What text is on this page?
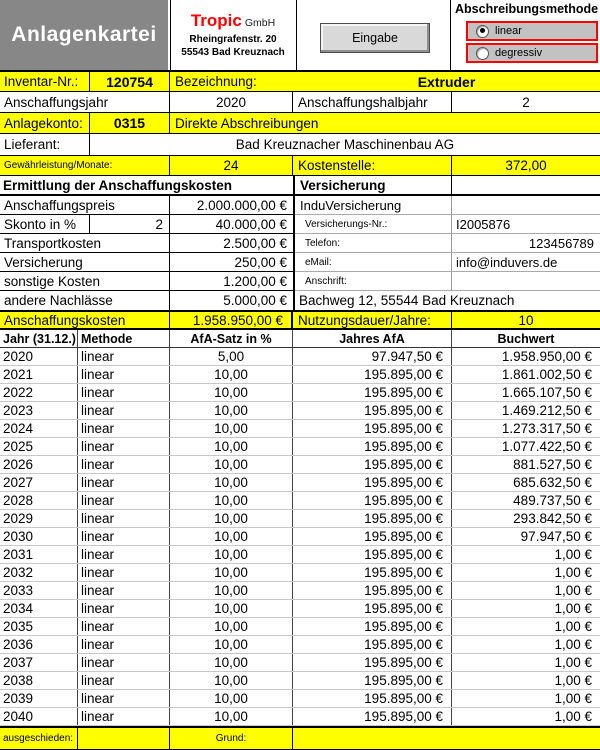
Anlagenkartei
Tropic GmbH
Rheingrafenstr. 20
55543 Bad Kreuznach
Eingabe
Abschreibungsmethode
linear
degressiv
Inventar-Nr.:	120754	Bezeichnung:	Extruder
Anschaffungsjahr	2020	Anschaffungshalbjahr	2
Anlagekonto:	0315	Direkte Abschreibungen
Lieferant:	Bad Kreuznacher Maschinenbau AG
Gewährleistung/Monate:	24	Kostenstelle:	372,00
Ermittlung der Anschaffungskosten	Versicherung
Anschaffungspreis	2.000.000,00 €
Skonto in %	2	40.000,00 €
Transportkosten	2.500,00 €
Versicherung	250,00 €
sonstige Kosten	1.200,00 €
andere Nachlässe	5.000,00 €
InduVersicherung
Versicherungs-Nr.:	I2005876
Telefon:	123456789
eMail:	info@induvers.de
Anschrift:
Bachweg 12, 55544 Bad Kreuznach
Anschaffungskosten	1.958.950,00 €	Nutzungsdauer/Jahre:	10
Jahr (31.12.) Methode	AfA-Satz in %	Jahres AfA	Buchwert
2020	linear	5,00	97.947,50 €	1.958.950,00 €
2021	linear	10,00	195.895,00 €	1.861.002,50 €
2022	linear	10,00	195.895,00 €	1.665.107,50 €
2023	linear	10,00	195.895,00 €	1.469.212,50 €
2024	linear	10,00	195.895,00 €	1.273.317,50 €
2025	linear	10,00	195.895,00 €	1.077.422,50 €
2026	linear	10,00	195.895,00 €	881.527,50 €
2027	linear	10,00	195.895,00 €	685.632,50 €
2028	linear	10,00	195.895,00 €	489.737,50 €
2029	linear	10,00	195.895,00 €	293.842,50 €
2030	linear	10,00	195.895,00 €	97.947,50 €
2031	linear	10,00	195.895,00 €	1,00 €
2032	linear	10,00	195.895,00 €	1,00 €
2033	linear	10,00	195.895,00 €	1,00 €
2034	linear	10,00	195.895,00 €	1,00 €
2035	linear	10,00	195.895,00 €	1,00 €
2036	linear	10,00	195.895,00 €	1,00 €
2037	linear	10,00	195.895,00 €	1,00 €
2038	linear	10,00	195.895,00 €	1,00 €
2039	linear	10,00	195.895,00 €	1,00 €
2040	linear	10,00	195.895,00 €	1,00 €
ausgeschieden:	Grund:
